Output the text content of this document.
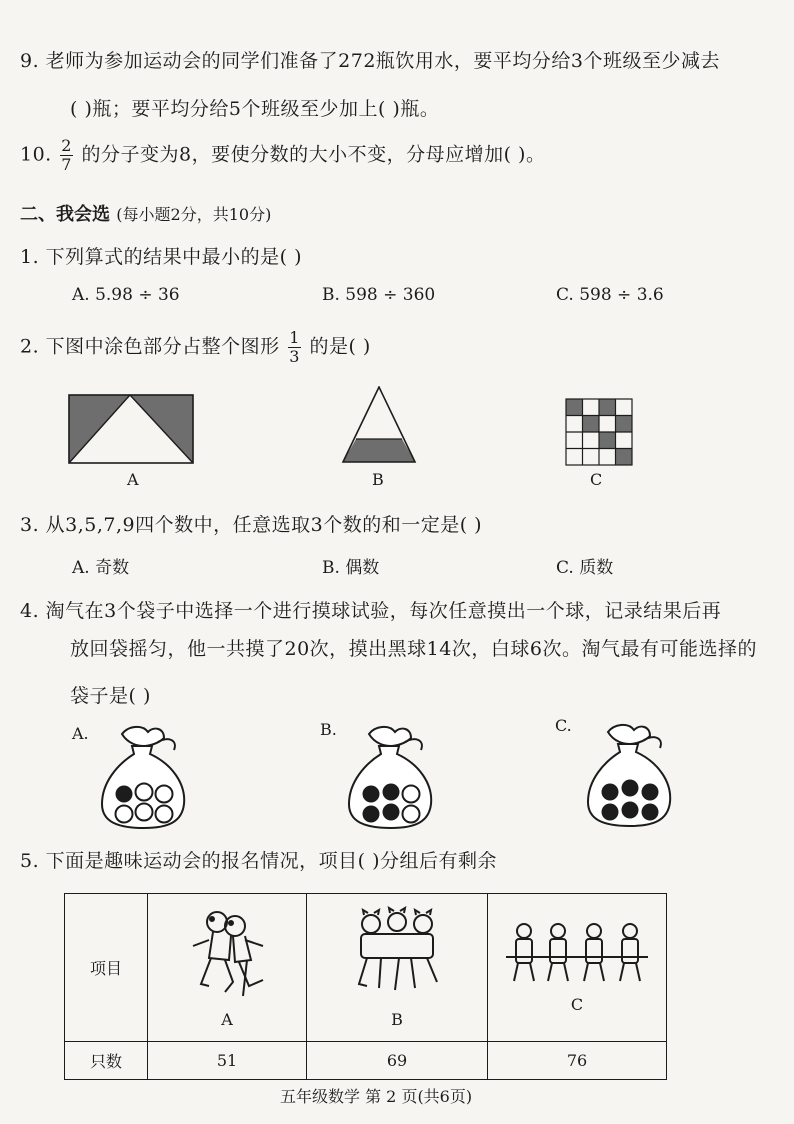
9. 老师为参加运动会的同学们准备了272瓶饮用水，要平均分给3个班级至少减去
( )瓶；要平均分给5个班级至少加上( )瓶。
10. $\frac{2}{7}$ 的分子变为8，要使分数的大小不变，分母应增加( )。
二、我会选 (每小题2分，共10分)
1. 下列算式的结果中最小的是( )
A. 5.98 ÷ 36	B. 598 ÷ 360	C. 598 ÷ 3.6
2. 下图中涂色部分占整个图形 $\frac{1}{3}$ 的是( )
A	B	C
3. 从3,5,7,9四个数中，任意选取3个数的和一定是( )
A. 奇数	B. 偶数	C. 质数
4. 淘气在3个袋子中选择一个进行摸球试验，每次任意摸出一个球，记录结果后再
放回袋摇匀，他一共摸了20次，摸出黑球14次，白球6次。淘气最有可能选择的
袋子是( )
A.	B.	C.
5. 下面是趣味运动会的报名情况，项目( )分组后有剩余
项目	A	B	C

只数	51	69	76
五年级数学 第 2 页(共6页)
